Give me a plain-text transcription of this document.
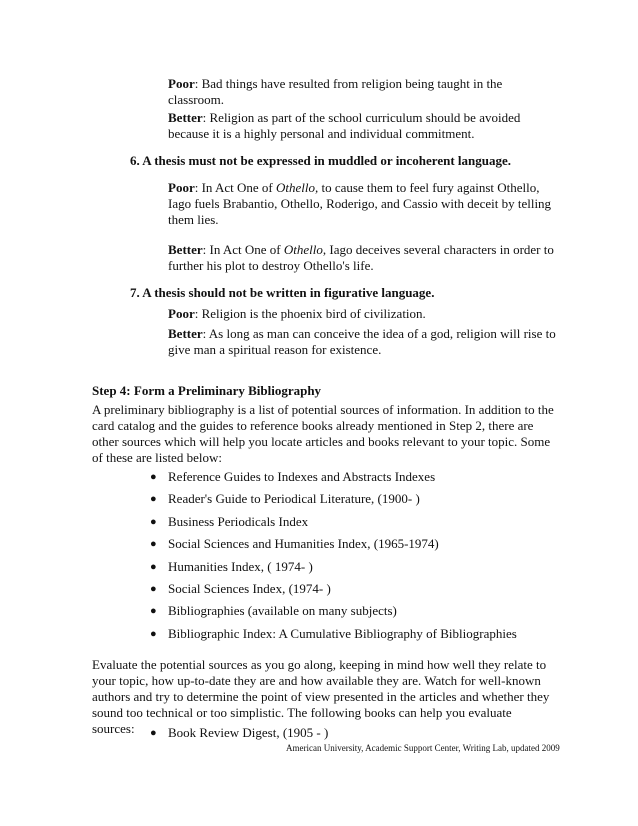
Poor: Bad things have resulted from religion being taught in the classroom.
Better: Religion as part of the school curriculum should be avoided because it is a highly personal and individual commitment.
6. A thesis must not be expressed in muddled or incoherent language.
Poor: In Act One of Othello, to cause them to feel fury against Othello, Iago fuels Brabantio, Othello, Roderigo, and Cassio with deceit by telling them lies.
Better: In Act One of Othello, Iago deceives several characters in order to further his plot to destroy Othello's life.
7. A thesis should not be written in figurative language.
Poor: Religion is the phoenix bird of civilization.
Better: As long as man can conceive the idea of a god, religion will rise to give man a spiritual reason for existence.
Step 4: Form a Preliminary Bibliography
A preliminary bibliography is a list of potential sources of information. In addition to the card catalog and the guides to reference books already mentioned in Step 2, there are other sources which will help you locate articles and books relevant to your topic. Some of these are listed below:
● Reference Guides to Indexes and Abstracts Indexes
● Reader's Guide to Periodical Literature, (1900- )
● Business Periodicals Index
● Social Sciences and Humanities Index, (1965-1974)
● Humanities Index, ( 1974- )
● Social Sciences Index, (1974- )
● Bibliographies (available on many subjects)
● Bibliographic Index: A Cumulative Bibliography of Bibliographies
Evaluate the potential sources as you go along, keeping in mind how well they relate to your topic, how up-to-date they are and how available they are. Watch for well-known authors and try to determine the point of view presented in the articles and whether they sound too technical or too simplistic. The following books can help you evaluate sources:	● Book Review Digest, (1905 - )
American University, Academic Support Center, Writing Lab, updated 2009
